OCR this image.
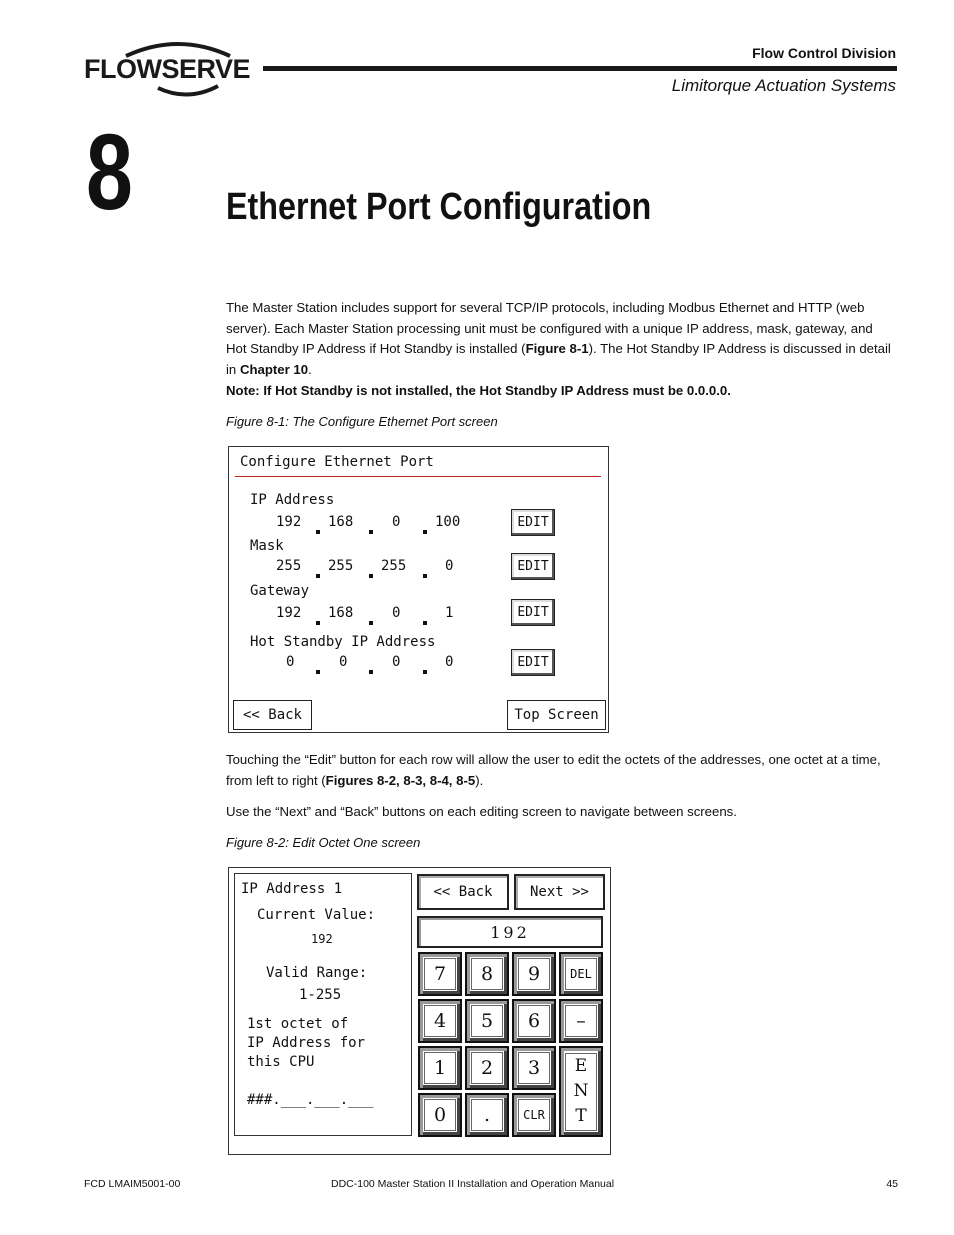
FLOWSERVE
Flow Control Division
Limitorque Actuation Systems
8 Ethernet Port Configuration
The Master Station includes support for several TCP/IP protocols, including Modbus Ethernet and HTTP (web server). Each Master Station processing unit must be configured with a unique IP address, mask, gateway, and Hot Standby IP Address if Hot Standby is installed (Figure 8-1). The Hot Standby IP Address is discussed in detail in Chapter 10.
Note: If Hot Standby is not installed, the Hot Standby IP Address must be 0.0.0.0.
Figure 8-1: The Configure Ethernet Port screen
Configure Ethernet Port
IP Address
192 168	0 100	EDIT
Mask
255 255 255	0	EDIT
Gateway
192 168	0	1	EDIT
Hot Standby IP Address
0	0	0	0	EDIT
<< Back	Top Screen
Touching the “Edit” button for each row will allow the user to edit the octets of the addresses, one octet at a time, from left to right (Figures 8-2, 8-3, 8-4, 8-5).
Use the “Next” and “Back” buttons on each editing screen to navigate between screens.
Figure 8-2: Edit Octet One screen
IP Address 1
Current Value:
192
Valid Range:
1-255
1st octet of
IP Address for
this CPU
###.___.___.___
<< Back	Next >>
192
7	8	9	DEL
4	5	6	–
1	2	3
0	.	CLR
E
N
T
FCD LMAIM5001-00	DDC-100 Master Station II Installation and Operation Manual	45
